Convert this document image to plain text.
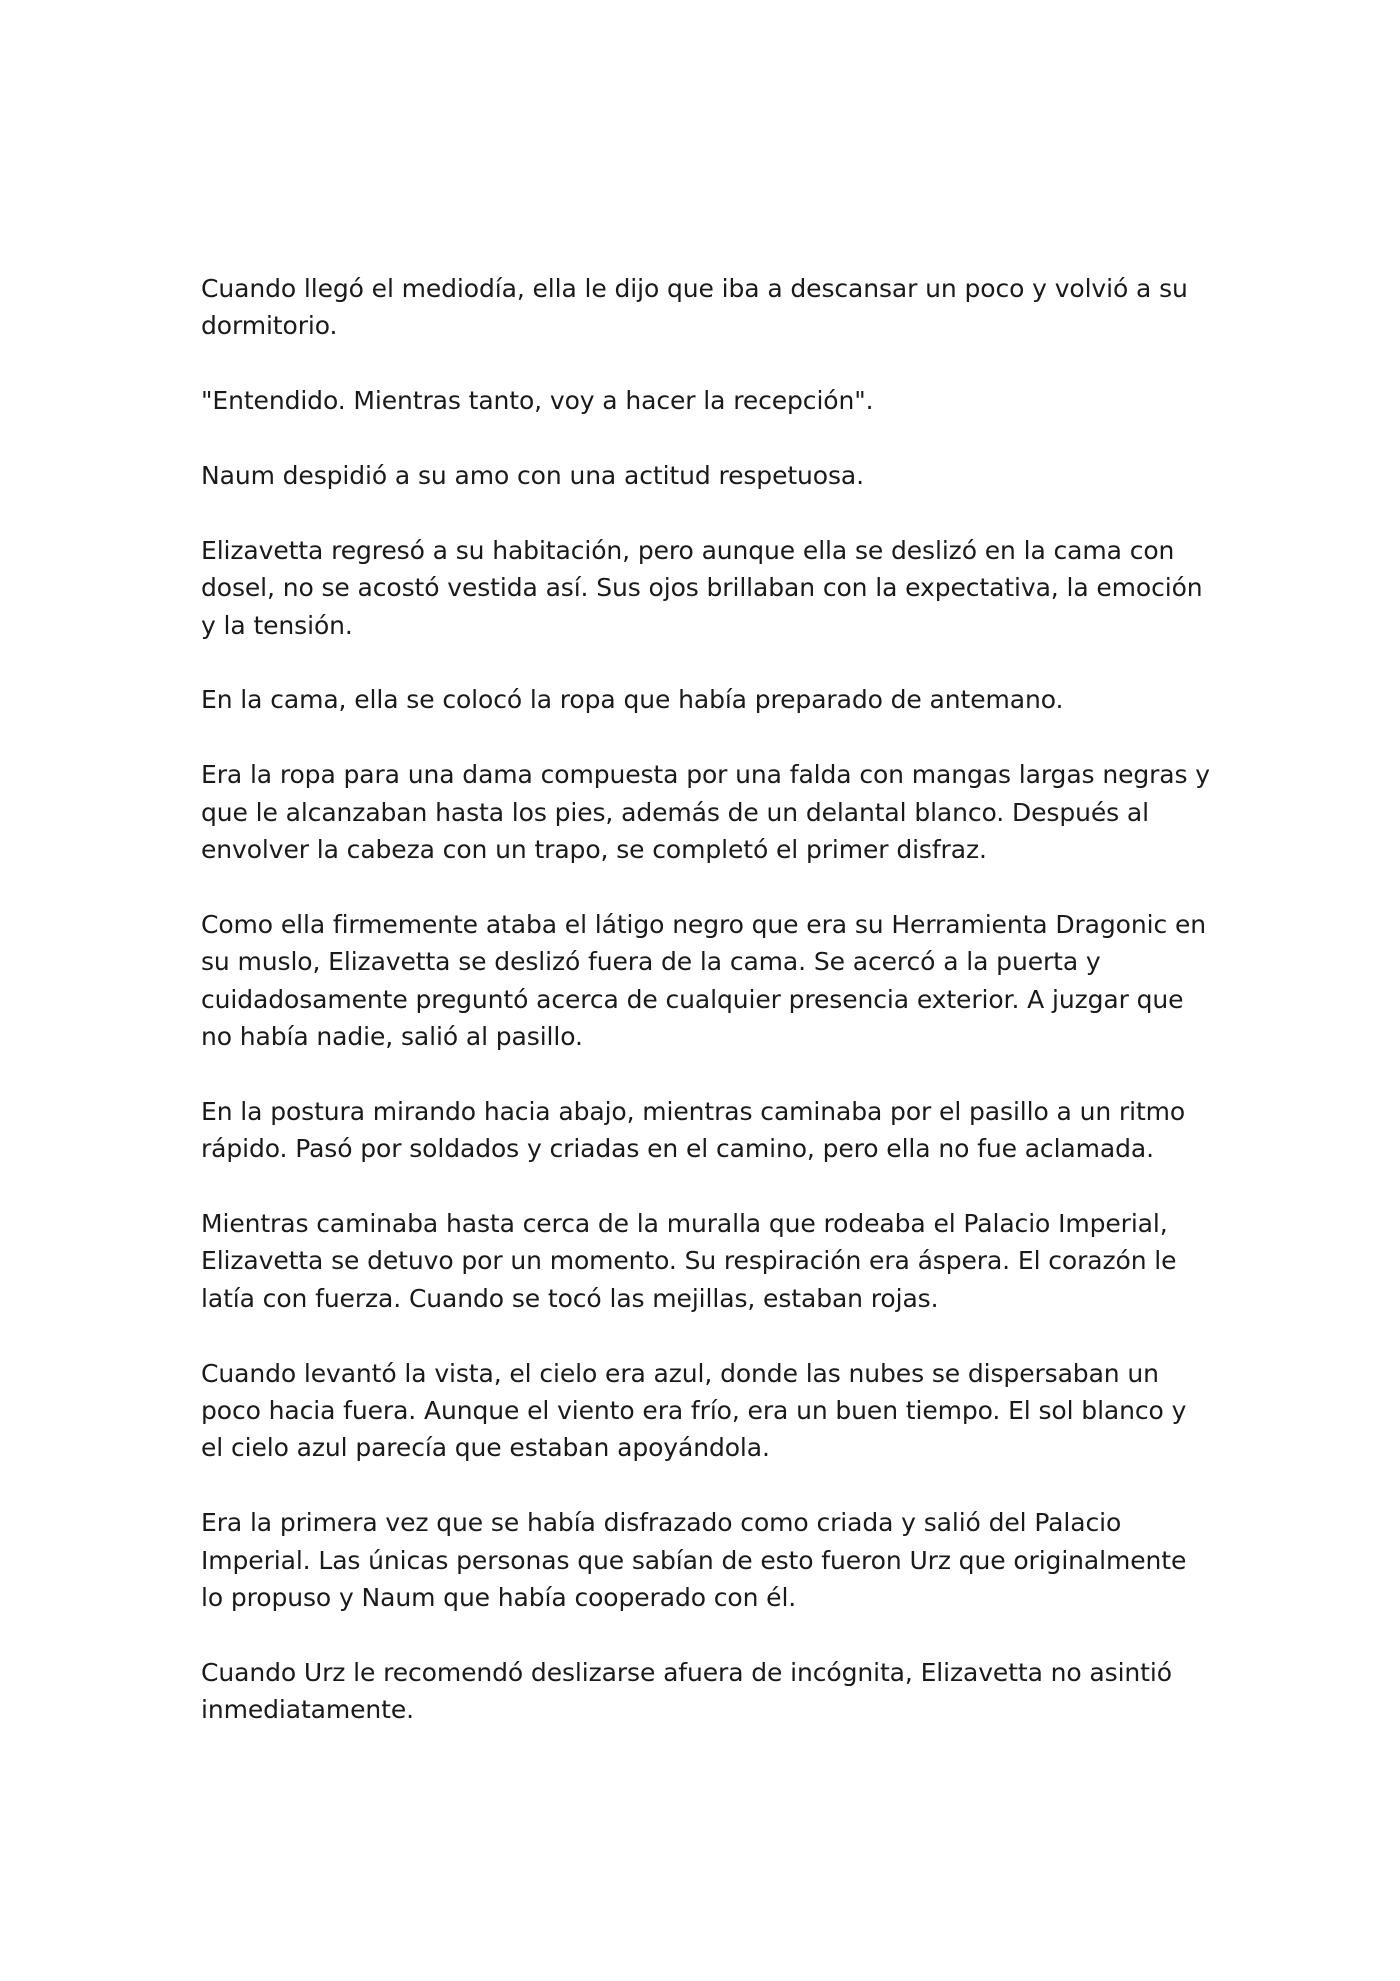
Cuando llegó el mediodía, ella le dijo que iba a descansar un poco y volvió a su
dormitorio.

"Entendido. Mientras tanto, voy a hacer la recepción".

Naum despidió a su amo con una actitud respetuosa.

Elizavetta regresó a su habitación, pero aunque ella se deslizó en la cama con
dosel, no se acostó vestida así. Sus ojos brillaban con la expectativa, la emoción
y la tensión.

En la cama, ella se colocó la ropa que había preparado de antemano.

Era la ropa para una dama compuesta por una falda con mangas largas negras y
que le alcanzaban hasta los pies, además de un delantal blanco. Después al
envolver la cabeza con un trapo, se completó el primer disfraz.

Como ella firmemente ataba el látigo negro que era su Herramienta Dragonic en
su muslo, Elizavetta se deslizó fuera de la cama. Se acercó a la puerta y
cuidadosamente preguntó acerca de cualquier presencia exterior. A juzgar que
no había nadie, salió al pasillo.

En la postura mirando hacia abajo, mientras caminaba por el pasillo a un ritmo
rápido. Pasó por soldados y criadas en el camino, pero ella no fue aclamada.

Mientras caminaba hasta cerca de la muralla que rodeaba el Palacio Imperial,
Elizavetta se detuvo por un momento. Su respiración era áspera. El corazón le
latía con fuerza. Cuando se tocó las mejillas, estaban rojas.

Cuando levantó la vista, el cielo era azul, donde las nubes se dispersaban un
poco hacia fuera. Aunque el viento era frío, era un buen tiempo. El sol blanco y
el cielo azul parecía que estaban apoyándola.

Era la primera vez que se había disfrazado como criada y salió del Palacio
Imperial. Las únicas personas que sabían de esto fueron Urz que originalmente
lo propuso y Naum que había cooperado con él.

Cuando Urz le recomendó deslizarse afuera de incógnita, Elizavetta no asintió
inmediatamente.
